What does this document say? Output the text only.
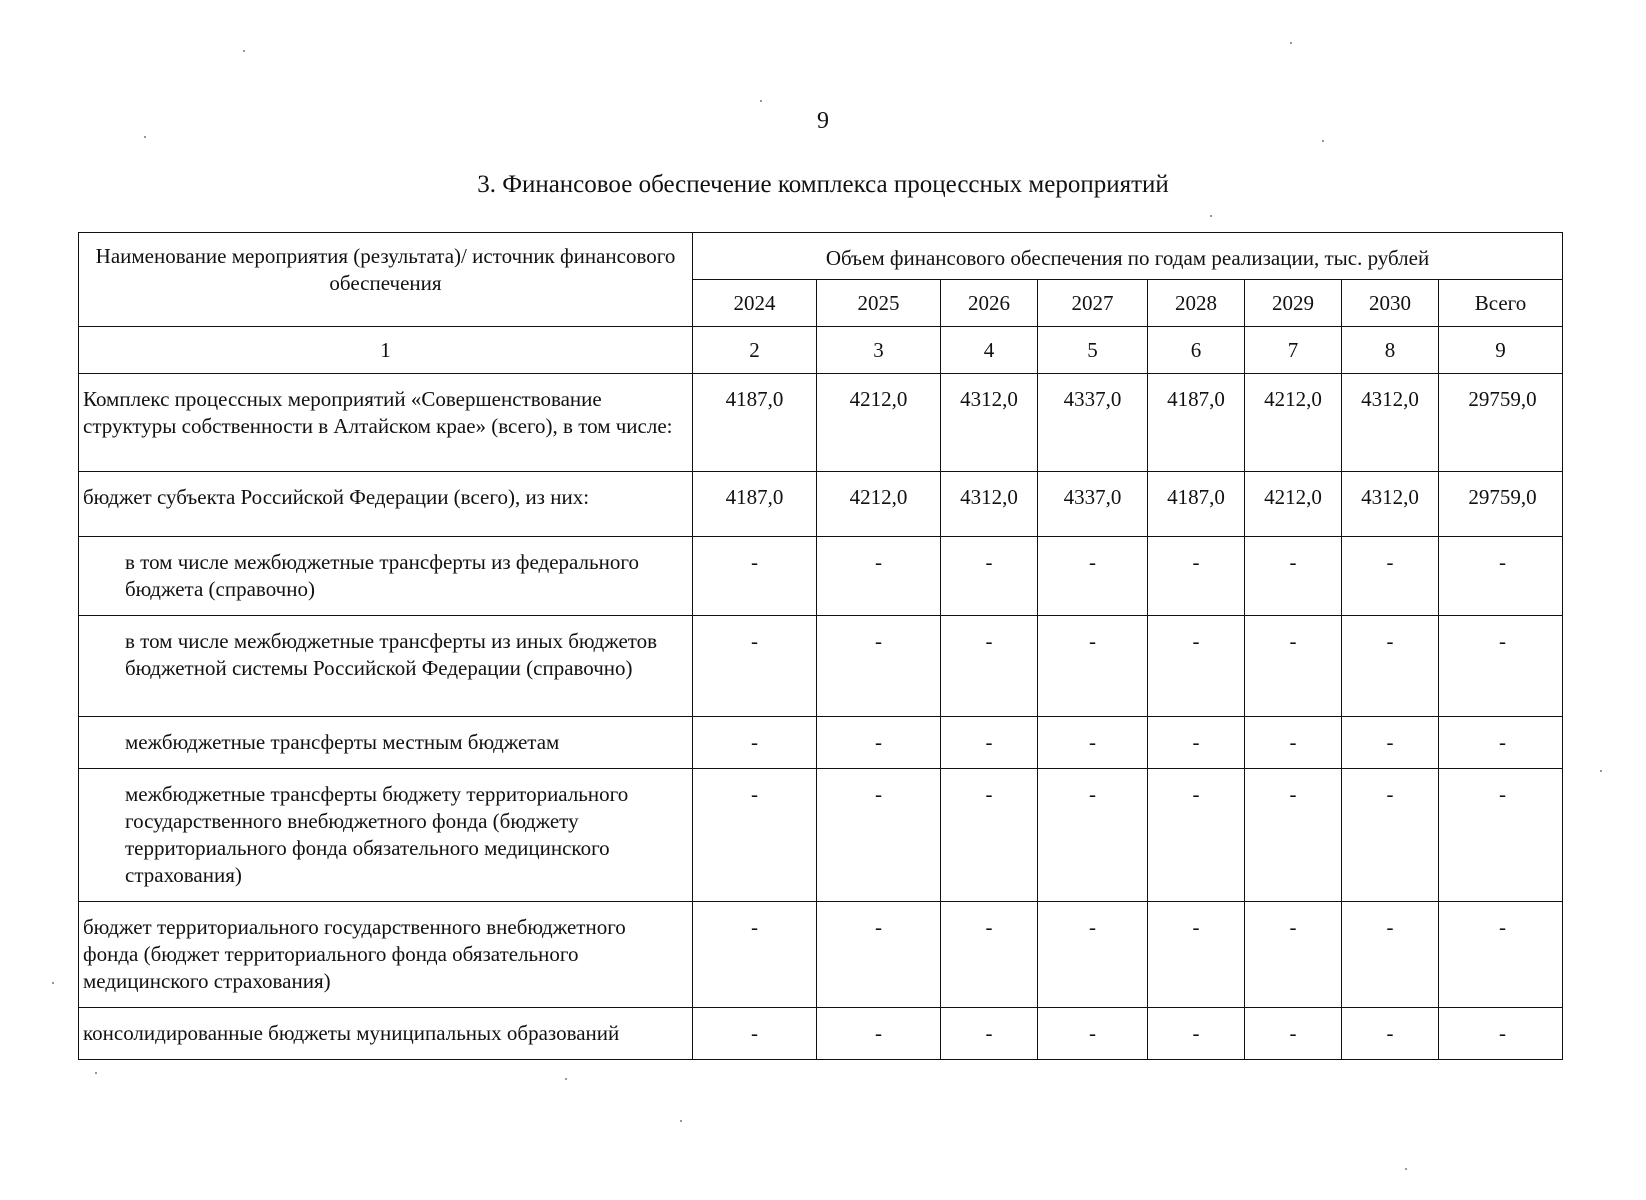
9
3. Финансовое обеспечение комплекса процессных мероприятий
Наименование мероприятия (результата)/ источник финансового обеспечения	Объем финансового обеспечения по годам реализации, тыс. рублей							
	2024	2025	2026	2027	2028	2029	2030	Всего
1	2	3	4	5	6	7	8	9
Комплекс процессных мероприятий «Совершенствование структуры собственности в Алтайском крае» (всего), в том числе:	4187,0	4212,0	4312,0	4337,0	4187,0	4212,0	4312,0	29759,0
бюджет субъекта Российской Федерации (всего), из них:	4187,0	4212,0	4312,0	4337,0	4187,0	4212,0	4312,0	29759,0
в том числе межбюджетные трансферты из федерального бюджета (справочно)	-	-	-	-	-	-	-	-
в том числе межбюджетные трансферты из иных бюджетов бюджетной системы Российской Федерации (справочно)	-	-	-	-	-	-	-	-
межбюджетные трансферты местным бюджетам	-	-	-	-	-	-	-	-
межбюджетные трансферты бюджету территориального государственного внебюджетного фонда (бюджету территориального фонда обязательного медицинского страхования)	-	-	-	-	-	-	-	-
бюджет территориального государственного внебюджетного фонда (бюджет территориального фонда обязательного медицинского страхования)	-	-	-	-	-	-	-	-
консолидированные бюджеты муниципальных образований	-	-	-	-	-	-	-	-
